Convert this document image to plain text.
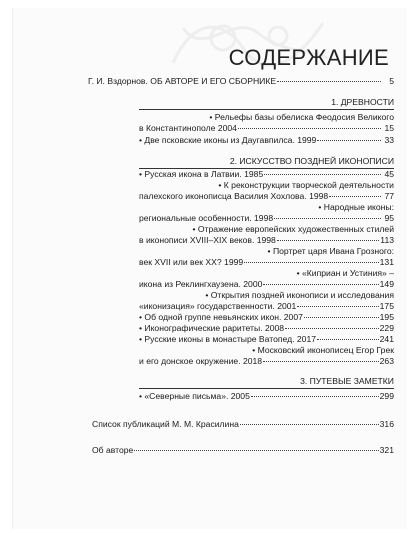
СОДЕРЖАНИЕ
Г. И. Вздорнов. ОБ АВТОРЕ И ЕГО СБОРНИКЕ	5
1. ДРЕВНОСТИ
• Рельефы базы обелиска Феодосия Великого
в Константинополе 2004	15
• Две псковские иконы из Даугавпилса. 1999	33
2. ИСКУССТВО ПОЗДНЕЙ ИКОНОПИСИ
• Русская икона в Латвии. 1985	45
• К реконструкции творческой деятельности
палехского иконописца Василия Хохлова. 1998	77
• Народные иконы:
региональные особенности. 1998	95
• Отражение европейских художественных стилей
в иконописи XVIII–XIX веков. 1998	113
• Портрет царя Ивана Грозного:
век XVII или век XX? 1999	131
• «Киприан и Устиния» –
икона из Реклингхаузена. 2000	149
• Открытия поздней иконописи и исследования
«иконизация» государственности. 2001	175
• Об одной группе невьянских икон. 2007	195
• Иконографические раритеты. 2008	229
• Русские иконы в монастыре Ватопед. 2017	241
• Московский иконописец Егор Грек
и его донское окружение. 2018	263
3. ПУТЕВЫЕ ЗАМЕТКИ
• «Северные письма». 2005	299
Список публикаций М. М. Красилина	316
Об авторе	321
